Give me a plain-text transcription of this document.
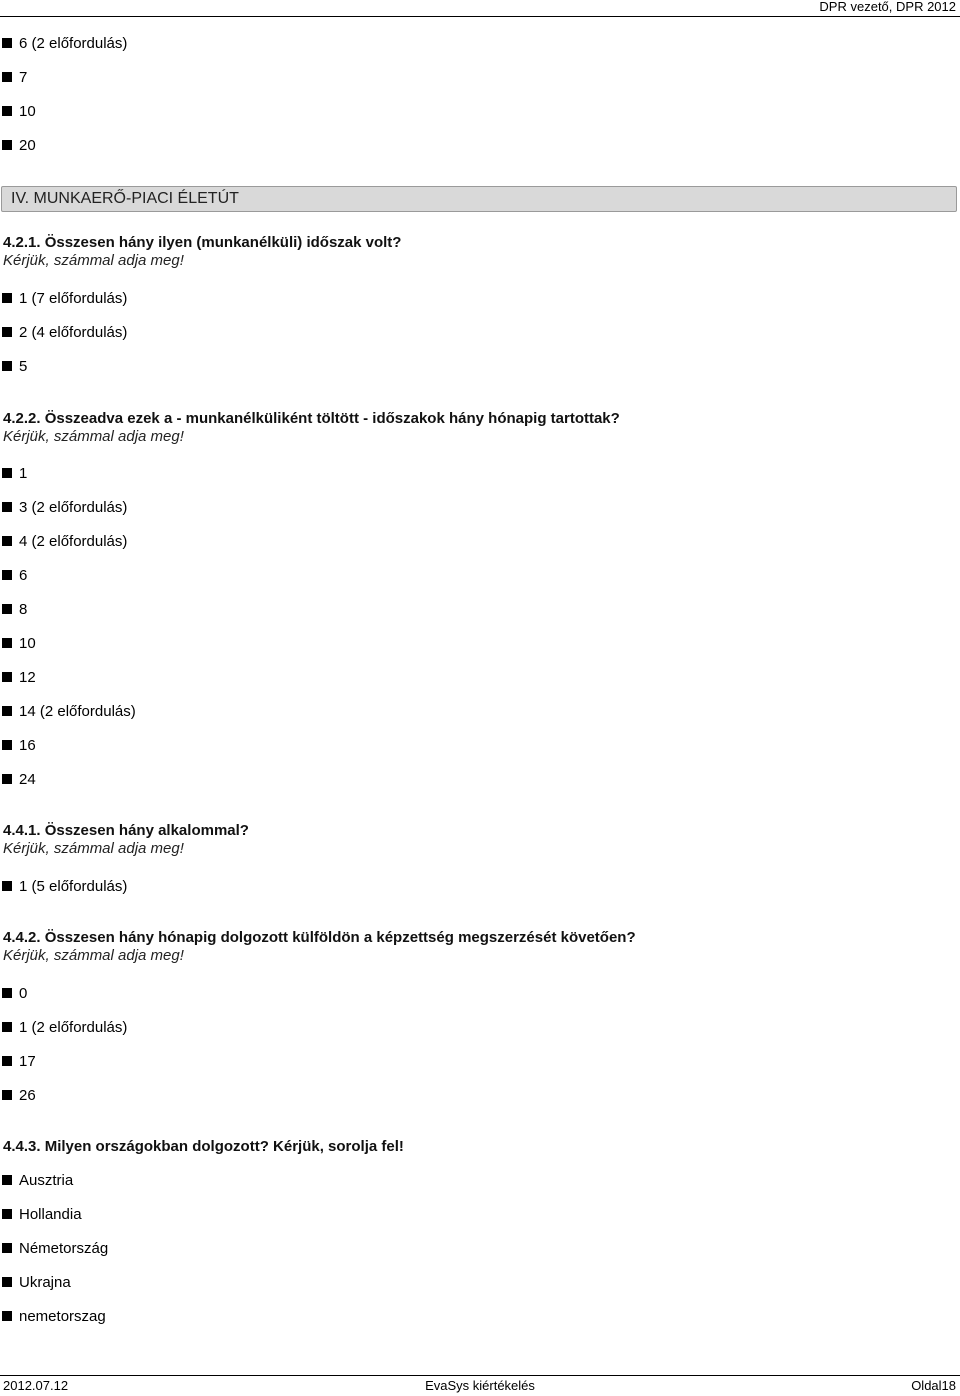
DPR vezető, DPR 2012
6 (2 előfordulás)
7
10
20
IV. MUNKAERŐ-PIACI ÉLETÚT
4.2.1. Összesen hány ilyen (munkanélküli) időszak volt?
Kérjük, számmal adja meg!
1 (7 előfordulás)
2 (4 előfordulás)
5
4.2.2. Összeadva ezek a - munkanélküliként töltött - időszakok hány hónapig tartottak?
Kérjük, számmal adja meg!
1
3 (2 előfordulás)
4 (2 előfordulás)
6
8
10
12
14 (2 előfordulás)
16
24
4.4.1. Összesen hány alkalommal?
Kérjük, számmal adja meg!
1 (5 előfordulás)
4.4.2. Összesen hány hónapig dolgozott külföldön a képzettség megszerzését követően?
Kérjük, számmal adja meg!
0
1 (2 előfordulás)
17
26
4.4.3. Milyen országokban dolgozott? Kérjük, sorolja fel!
Ausztria
Hollandia
Németország
Ukrajna
nemetorszag
2012.07.12	EvaSys kiértékelés	Oldal18
